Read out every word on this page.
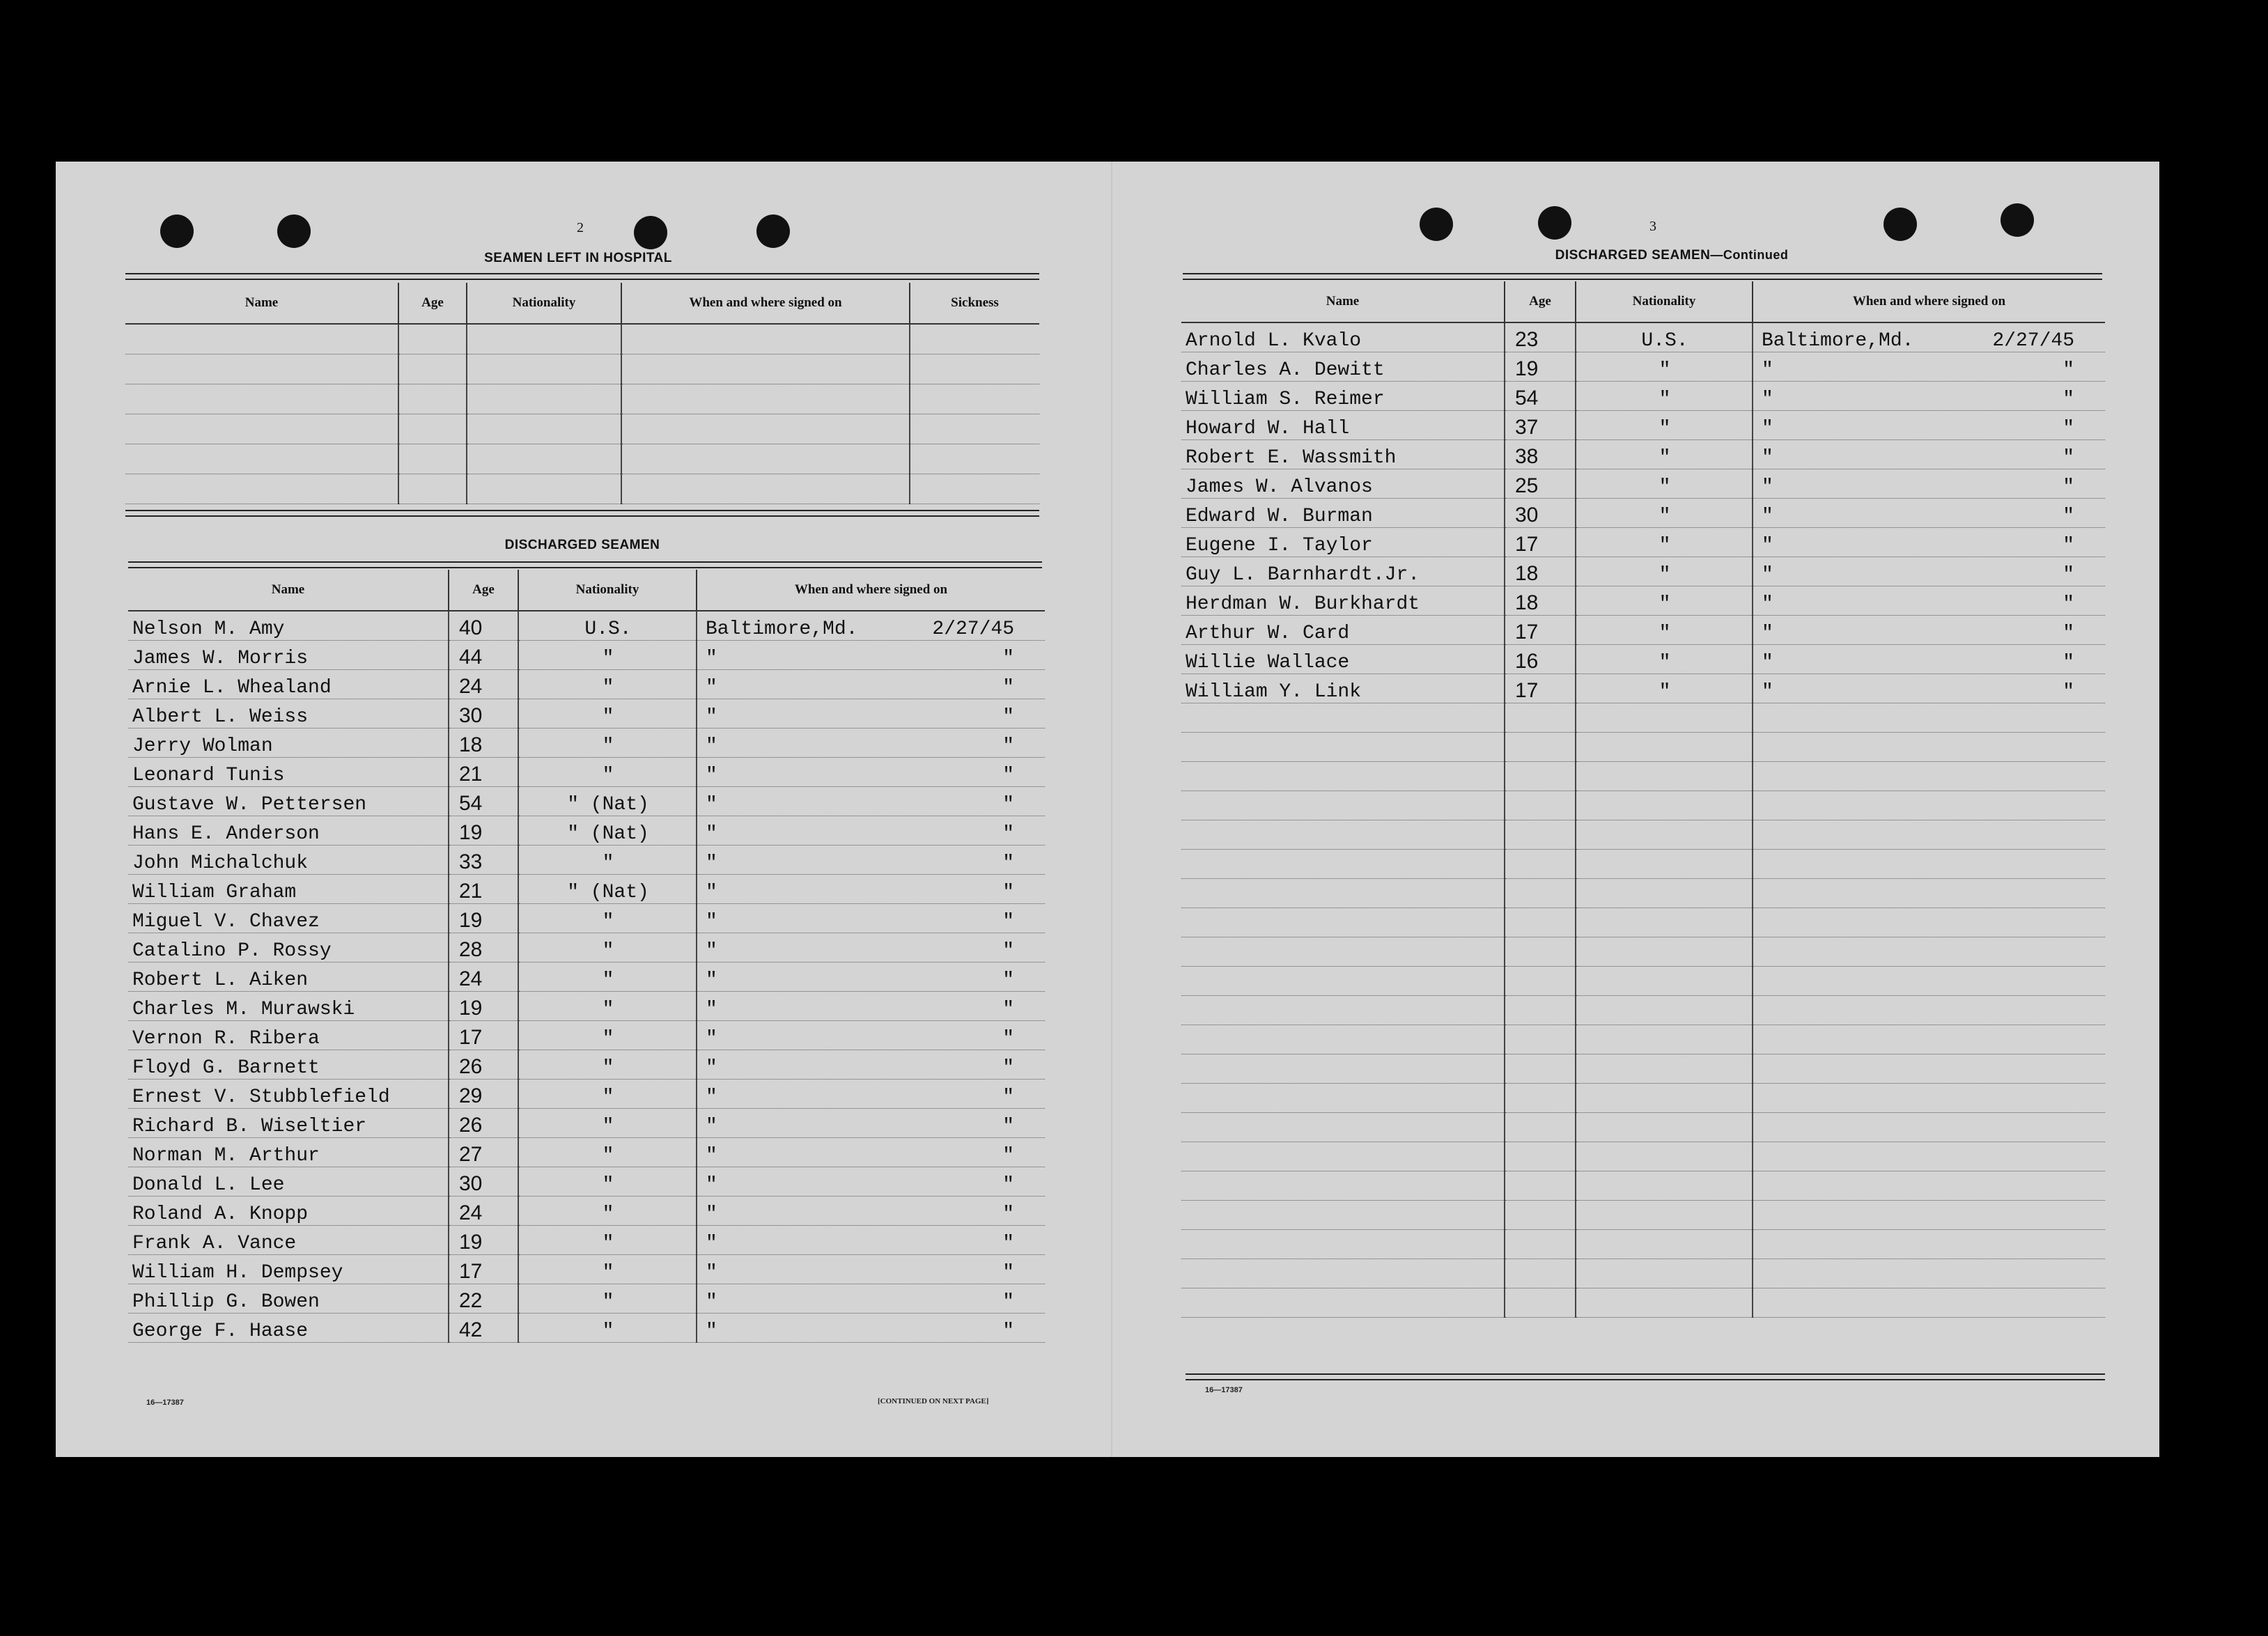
2
SEAMEN LEFT IN HOSPITAL
Name	Age	Nationality	When and where signed on	Sickness

DISCHARGED SEAMEN
Name	Age	Nationality	When and where signed on
Nelson M. Amy	40	U.S.	Baltimore,Md. 2/27/45

James W. Morris	44	"	" "

Arnie L. Whealand	24	"	" "

Albert L. Weiss	30	"	" "

Jerry Wolman	18	"	" "

Leonard Tunis	21	"	" "

Gustave W. Pettersen	54	" (Nat)	" "

Hans E. Anderson	19	" (Nat)	" "

John Michalchuk	33	"	" "

William Graham	21	" (Nat)	" "

Miguel V. Chavez	19	"	" "

Catalino P. Rossy	28	"	" "

Robert L. Aiken	24	"	" "

Charles M. Murawski	19	"	" "

Vernon R. Ribera	17	"	" "

Floyd G. Barnett	26	"	" "

Ernest V. Stubblefield	29	"	" "

Richard B. Wiseltier	26	"	" "

Norman M. Arthur	27	"	" "

Donald L. Lee	30	"	" "

Roland A. Knopp	24	"	" "

Frank A. Vance	19	"	" "

William H. Dempsey	17	"	" "

Phillip G. Bowen	22	"	" "

George F. Haase	42	"	" "
16—17387	[CONTINUED ON NEXT PAGE]
3
DISCHARGED SEAMEN—Continued
Name	Age	Nationality	When and where signed on
Arnold L. Kvalo	23	U.S.	Baltimore,Md. 2/27/45

Charles A. Dewitt	19	"	" "

William S. Reimer	54	"	" "

Howard W. Hall	37	"	" "

Robert E. Wassmith	38	"	" "

James W. Alvanos	25	"	" "

Edward W. Burman	30	"	" "

Eugene I. Taylor	17	"	" "

Guy L. Barnhardt.Jr.	18	"	" "

Herdman W. Burkhardt	18	"	" "

Arthur W. Card	17	"	" "

Willie Wallace	16	"	" "

William Y. Link	17	"	" "

16—17387
